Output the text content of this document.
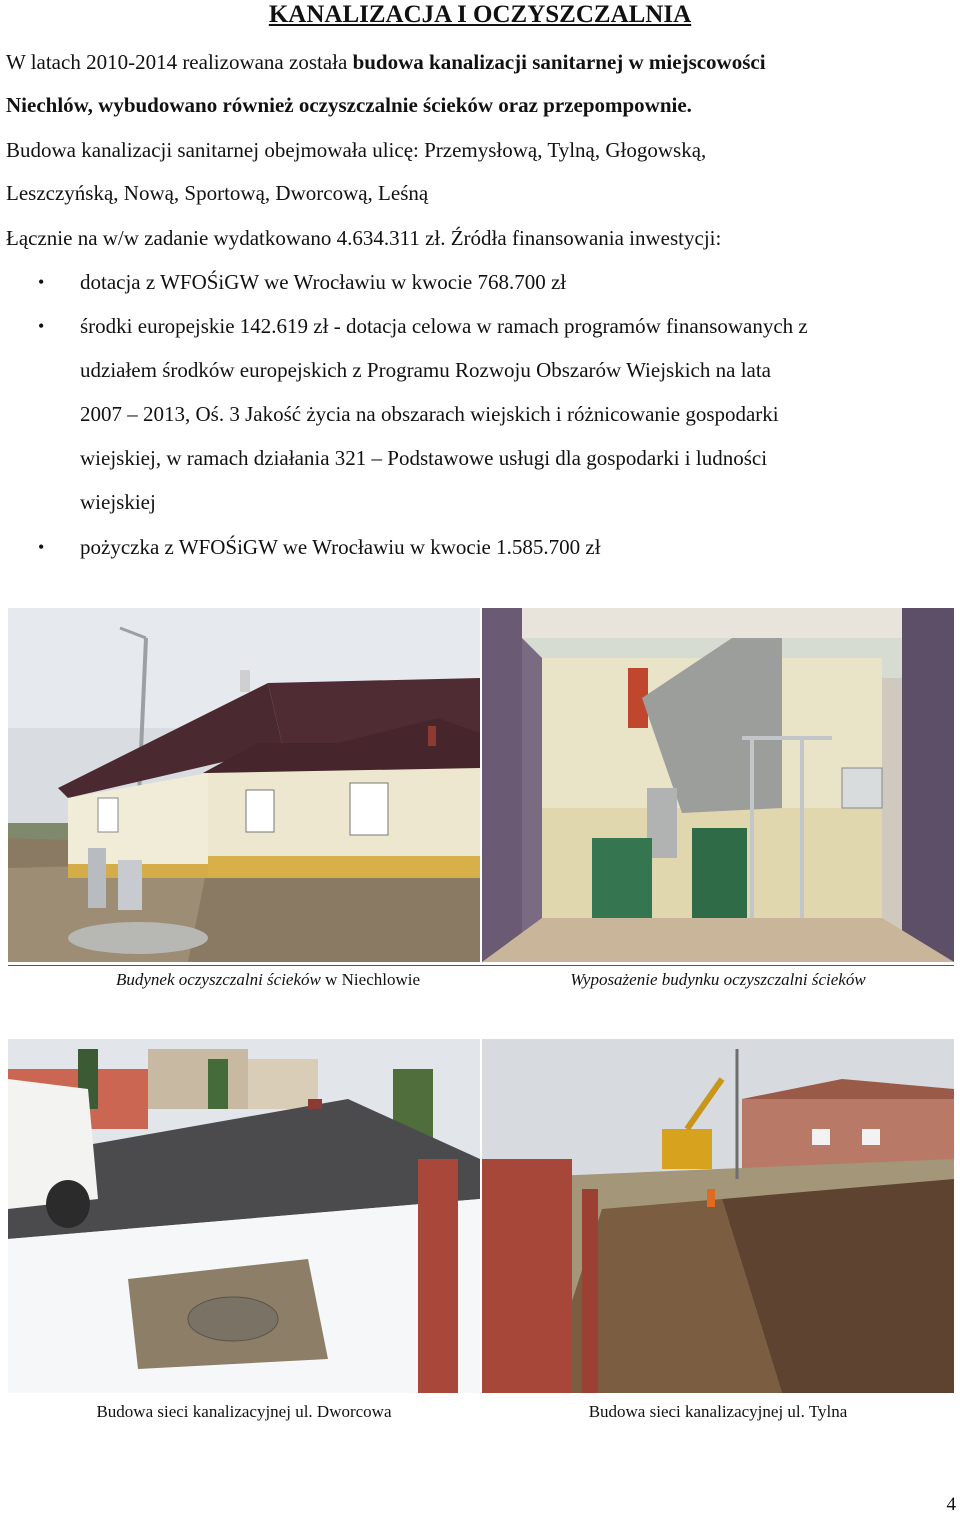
KANALIZACJA I OCZYSZCZALNIA
W latach 2010-2014 realizowana została budowa kanalizacji sanitarnej w miejscowości
Niechlów, wybudowano również oczyszczalnie ścieków oraz przepompownie.
Budowa kanalizacji sanitarnej obejmowała ulicę: Przemysłową, Tylną, Głogowską,
Leszczyńską, Nową, Sportową, Dworcową, Leśną
Łącznie na w/w zadanie wydatkowano 4.634.311 zł. Źródła finansowania inwestycji:
• dotacja z WFOŚiGW we Wrocławiu w kwocie 768.700 zł
• środki europejskie 142.619 zł - dotacja celowa w ramach programów finansowanych z
udziałem środków europejskich z Programu Rozwoju Obszarów Wiejskich na lata
2007 – 2013, Oś. 3 Jakość życia na obszarach wiejskich i różnicowanie gospodarki
wiejskiej, w ramach działania 321 – Podstawowe usługi dla gospodarki i ludności
wiejskiej
• pożyczka z WFOŚiGW we Wrocławiu w kwocie 1.585.700 zł
Budynek oczyszczalni ścieków w Niechlowie	Wyposażenie budynku oczyszczalni ścieków
Budowa sieci kanalizacyjnej ul. Dworcowa	Budowa sieci kanalizacyjnej ul. Tylna
4
